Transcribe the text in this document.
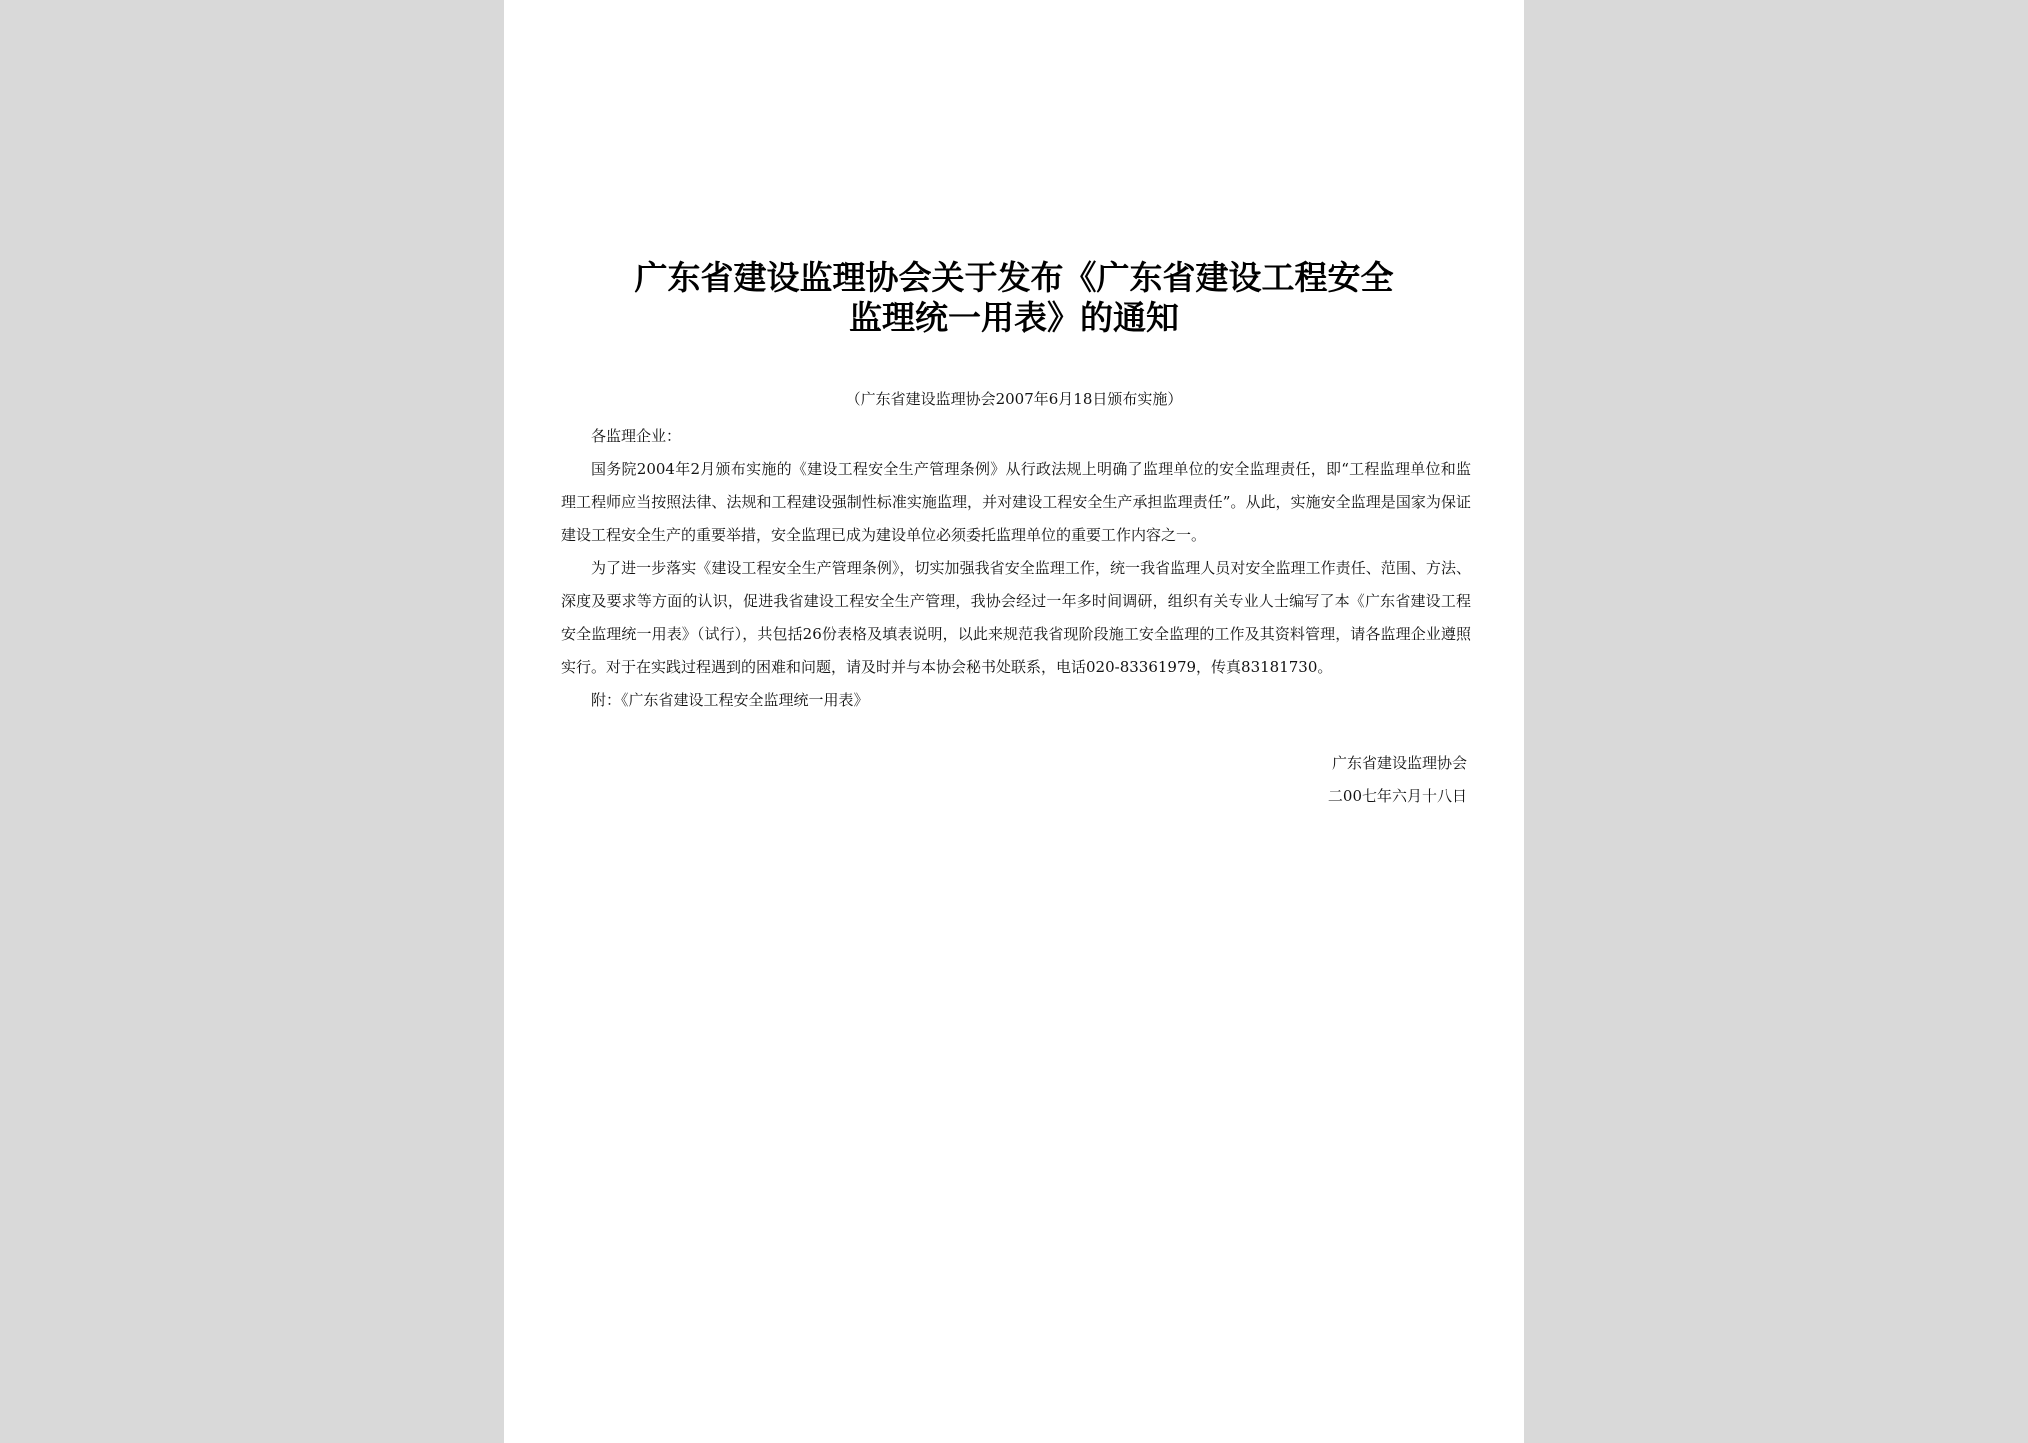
广东省建设监理协会关于发布《广东省建设工程安全
监理统一用表》的通知
（广东省建设监理协会2007年6月18日颁布实施）

各监理企业：

国务院2004年2月颁布实施的《建设工程安全生产管理条例》从行政法规上明确了监理单位的安全监理责任，即“工程监理单位和监理工程师应当按照法律、法规和工程建设强制性标准实施监理，并对建设工程安全生产承担监理责任”。从此，实施安全监理是国家为保证建设工程安全生产的重要举措，安全监理已成为建设单位必须委托监理单位的重要工作内容之一。

为了进一步落实《建设工程安全生产管理条例》，切实加强我省安全监理工作，统一我省监理人员对安全监理工作责任、范围、方法、深度及要求等方面的认识，促进我省建设工程安全生产管理，我协会经过一年多时间调研，组织有关专业人士编写了本《广东省建设工程安全监理统一用表》（试行），共包括26份表格及填表说明，以此来规范我省现阶段施工安全监理的工作及其资料管理，请各监理企业遵照实行。对于在实践过程遇到的困难和问题，请及时并与本协会秘书处联系，电话020-83361979，传真83181730。

附：《广东省建设工程安全监理统一用表》

广东省建设监理协会
二00七年六月十八日
